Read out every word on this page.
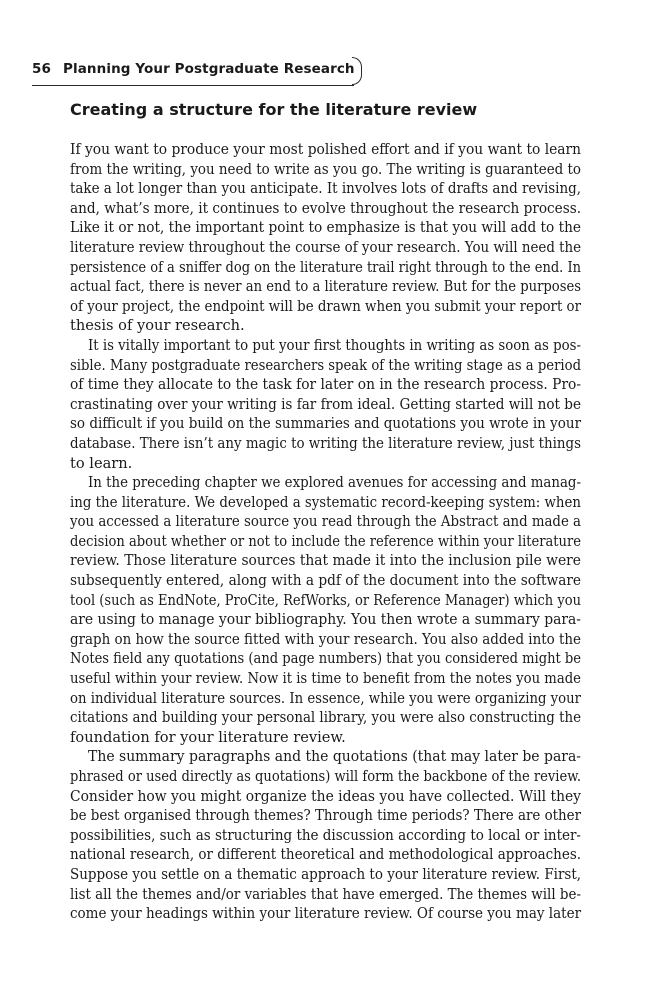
56 Planning Your Postgraduate Research
Creating a structure for the literature review
If you want to produce your most polished effort and if you want to learn
from the writing, you need to write as you go. The writing is guaranteed to
take a lot longer than you anticipate. It involves lots of drafts and revising,
and, what’s more, it continues to evolve throughout the research process.
Like it or not, the important point to emphasize is that you will add to the
literature review throughout the course of your research. You will need the
persistence of a sniffer dog on the literature trail right through to the end. In
actual fact, there is never an end to a literature review. But for the purposes
of your project, the endpoint will be drawn when you submit your report or
thesis of your research.
It is vitally important to put your first thoughts in writing as soon as pos-
sible. Many postgraduate researchers speak of the writing stage as a period
of time they allocate to the task for later on in the research process. Pro-
crastinating over your writing is far from ideal. Getting started will not be
so difficult if you build on the summaries and quotations you wrote in your
database. There isn’t any magic to writing the literature review, just things
to learn.
In the preceding chapter we explored avenues for accessing and manag-
ing the literature. We developed a systematic record-keeping system: when
you accessed a literature source you read through the Abstract and made a
decision about whether or not to include the reference within your literature
review. Those literature sources that made it into the inclusion pile were
subsequently entered, along with a pdf of the document into the software
tool (such as EndNote, ProCite, RefWorks, or Reference Manager) which you
are using to manage your bibliography. You then wrote a summary para-
graph on how the source fitted with your research. You also added into the
Notes field any quotations (and page numbers) that you considered might be
useful within your review. Now it is time to benefit from the notes you made
on individual literature sources. In essence, while you were organizing your
citations and building your personal library, you were also constructing the
foundation for your literature review.
The summary paragraphs and the quotations (that may later be para-
phrased or used directly as quotations) will form the backbone of the review.
Consider how you might organize the ideas you have collected. Will they
be best organised through themes? Through time periods? There are other
possibilities, such as structuring the discussion according to local or inter-
national research, or different theoretical and methodological approaches.
Suppose you settle on a thematic approach to your literature review. First,
list all the themes and/or variables that have emerged. The themes will be-
come your headings within your literature review. Of course you may later
